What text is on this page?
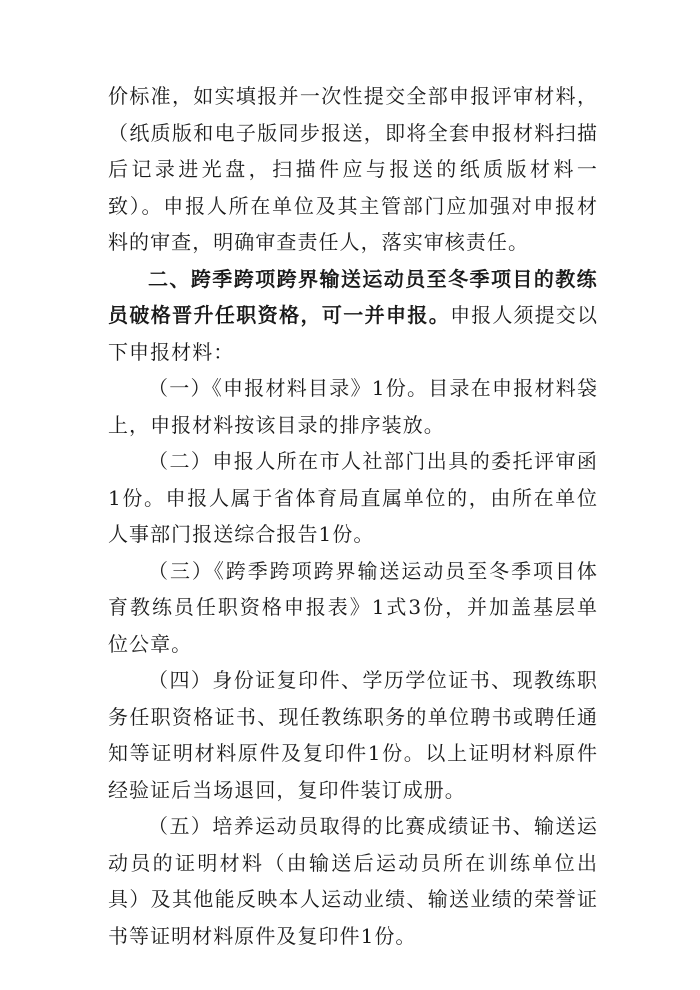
价标准，如实填报并一次性提交全部申报评审材料，（纸质版和电子版同步报送，即将全套申报材料扫描后记录进光盘，扫描件应与报送的纸质版材料一致）。申报人所在单位及其主管部门应加强对申报材料的审查，明确审查责任人，落实审核责任。

二、跨季跨项跨界输送运动员至冬季项目的教练员破格晋升任职资格，可一并申报。申报人须提交以下申报材料：

（一）《申报材料目录》1份。目录在申报材料袋上，申报材料按该目录的排序装放。

（二）申报人所在市人社部门出具的委托评审函1份。申报人属于省体育局直属单位的，由所在单位人事部门报送综合报告1份。

（三）《跨季跨项跨界输送运动员至冬季项目体育教练员任职资格申报表》1式3份，并加盖基层单位公章。

（四）身份证复印件、学历学位证书、现教练职务任职资格证书、现任教练职务的单位聘书或聘任通知等证明材料原件及复印件1份。以上证明材料原件经验证后当场退回，复印件装订成册。

（五）培养运动员取得的比赛成绩证书、输送运动员的证明材料（由输送后运动员所在训练单位出具）及其他能反映本人运动业绩、输送业绩的荣誉证书等证明材料原件及复印件1份。
